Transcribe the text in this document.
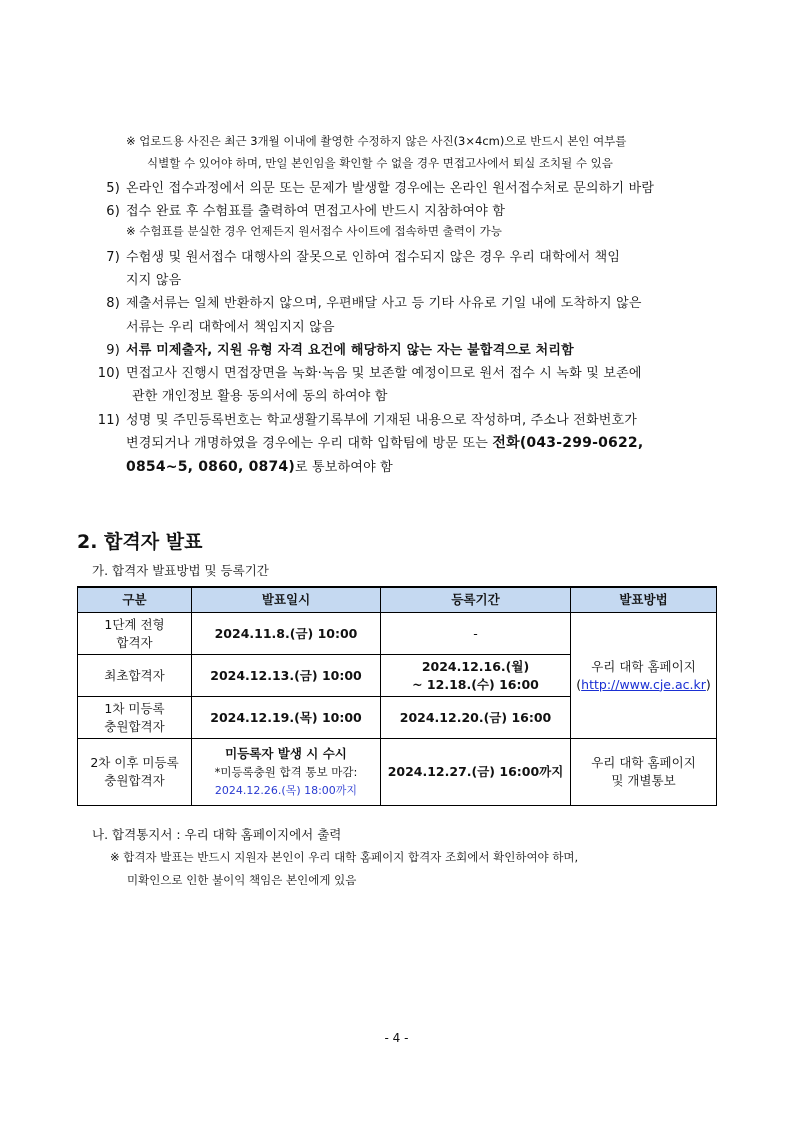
※ 업로드용 사진은 최근 3개월 이내에 촬영한 수정하지 않은 사진(3×4cm)으로 반드시 본인 여부를
식별할 수 있어야 하며, 만일 본인임을 확인할 수 없을 경우 면접고사에서 퇴실 조치될 수 있음
5) 온라인 접수과정에서 의문 또는 문제가 발생할 경우에는 온라인 원서접수처로 문의하기 바람
6) 접수 완료 후 수험표를 출력하여 면접고사에 반드시 지참하여야 함
※ 수험표를 분실한 경우 언제든지 원서접수 사이트에 접속하면 출력이 가능
7) 수험생 및 원서접수 대행사의 잘못으로 인하여 접수되지 않은 경우 우리 대학에서 책임
지지 않음
8) 제출서류는 일체 반환하지 않으며, 우편배달 사고 등 기타 사유로 기일 내에 도착하지 않은
서류는 우리 대학에서 책임지지 않음
9) 서류 미제출자, 지원 유형 자격 요건에 해당하지 않는 자는 불합격으로 처리함
10) 면접고사 진행시 면접장면을 녹화·녹음 및 보존할 예정이므로 원서 접수 시 녹화 및 보존에
관한 개인정보 활용 동의서에 동의 하여야 함
11) 성명 및 주민등록번호는 학교생활기록부에 기재된 내용으로 작성하며, 주소나 전화번호가
변경되거나 개명하였을 경우에는 우리 대학 입학팀에 방문 또는 전화(043-299-0622,
0854~5, 0860, 0874)로 통보하여야 함
2. 합격자 발표
가. 합격자 발표방법 및 등록기간
구분	발표일시	등록기간	발표방법
1단계 전형
합격자	2024.11.8.(금) 10:00	-	우리 대학 홈페이지
(http://www.cje.ac.kr)
최초합격자	2024.12.13.(금) 10:00	2024.12.16.(월)
~ 12.18.(수) 16:00	
1차 미등록
충원합격자	2024.12.19.(목) 10:00	2024.12.20.(금) 16:00	
2차 이후 미등록
충원합격자	미등록자 발생 시 수시
*미등록충원 합격 통보 마감:
2024.12.26.(목) 18:00까지	2024.12.27.(금) 16:00까지	우리 대학 홈페이지
및 개별통보
나. 합격통지서 : 우리 대학 홈페이지에서 출력
※ 합격자 발표는 반드시 지원자 본인이 우리 대학 홈페이지 합격자 조회에서 확인하여야 하며,
미확인으로 인한 불이익 책임은 본인에게 있음
- 4 -
